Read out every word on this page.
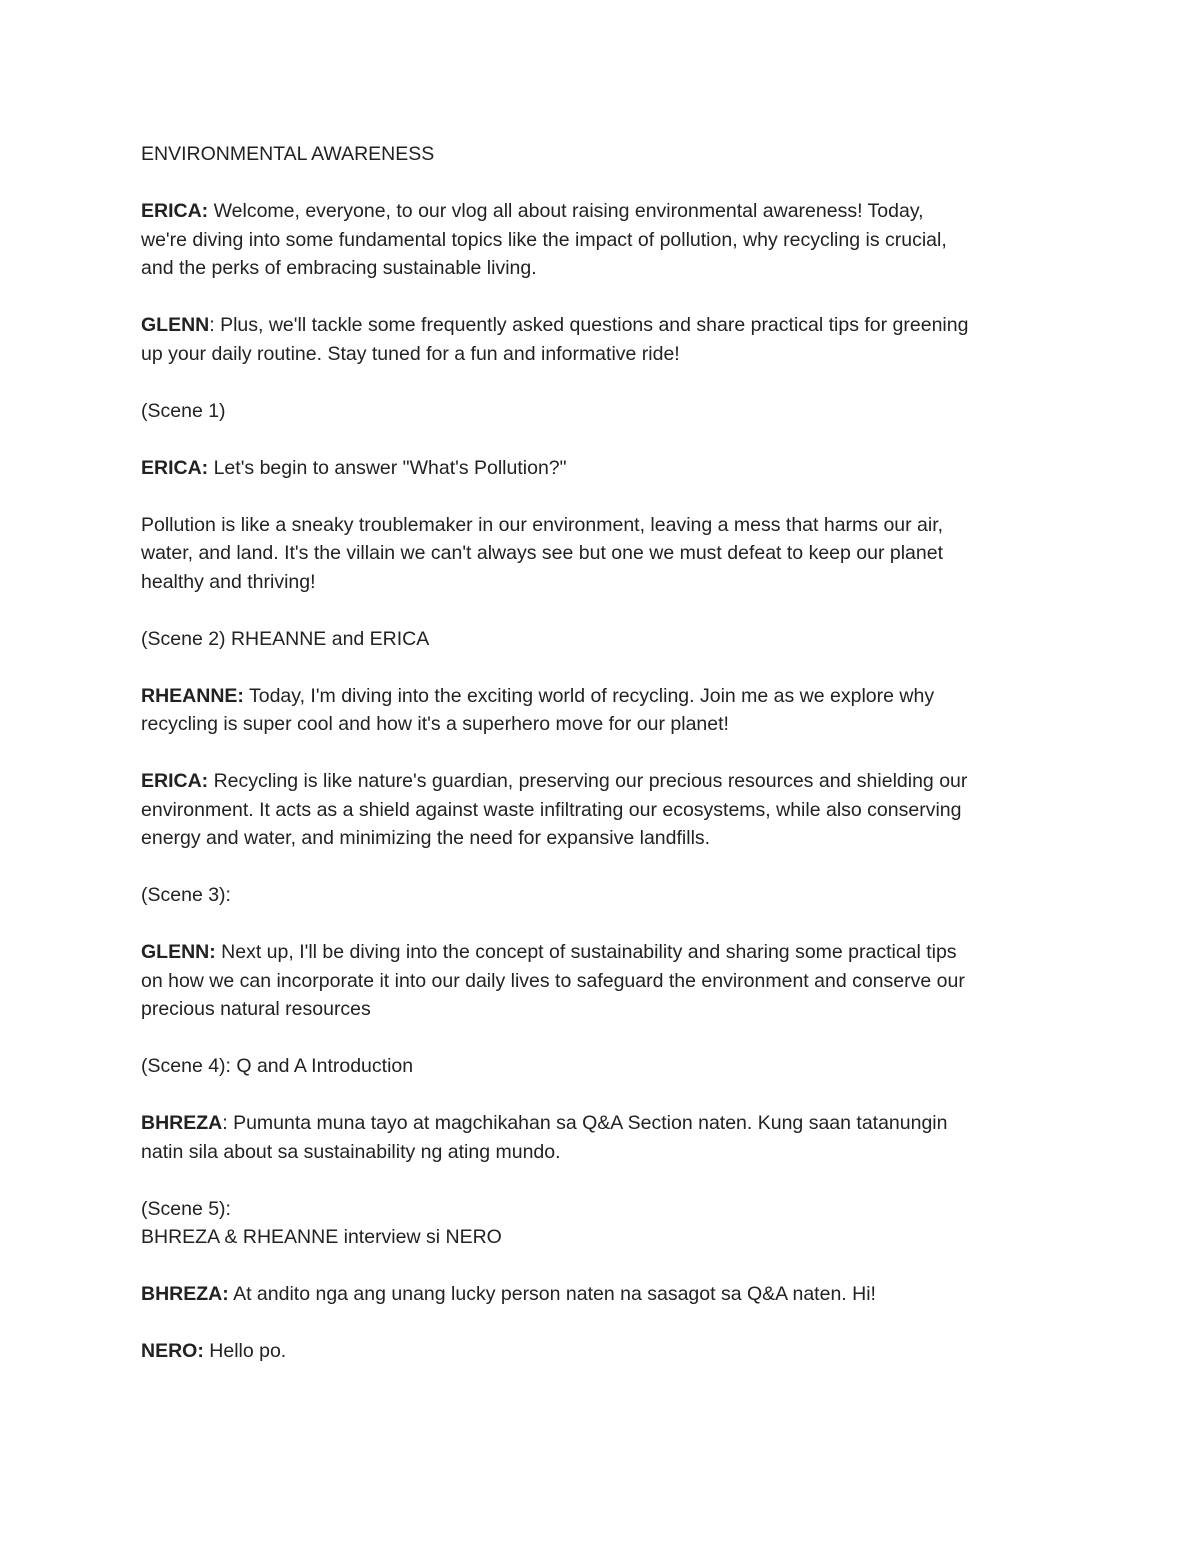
ENVIRONMENTAL AWARENESS

ERICA: Welcome, everyone, to our vlog all about raising environmental awareness! Today,

we're diving into some fundamental topics like the impact of pollution, why recycling is crucial,

and the perks of embracing sustainable living.

GLENN: Plus, we'll tackle some frequently asked questions and share practical tips for greening

up your daily routine. Stay tuned for a fun and informative ride!

(Scene 1)

ERICA: Let's begin to answer "What's Pollution?"

Pollution is like a sneaky troublemaker in our environment, leaving a mess that harms our air,

water, and land. It's the villain we can't always see but one we must defeat to keep our planet

healthy and thriving!

(Scene 2) RHEANNE and ERICA

RHEANNE: Today, I'm diving into the exciting world of recycling. Join me as we explore why

recycling is super cool and how it's a superhero move for our planet!

ERICA: Recycling is like nature's guardian, preserving our precious resources and shielding our

environment. It acts as a shield against waste infiltrating our ecosystems, while also conserving

energy and water, and minimizing the need for expansive landfills.

(Scene 3):

GLENN: Next up, I'll be diving into the concept of sustainability and sharing some practical tips

on how we can incorporate it into our daily lives to safeguard the environment and conserve our

precious natural resources

(Scene 4): Q and A Introduction

BHREZA: Pumunta muna tayo at magchikahan sa Q&A Section naten. Kung saan tatanungin

natin sila about sa sustainability ng ating mundo.

(Scene 5):

BHREZA & RHEANNE interview si NERO

BHREZA: At andito nga ang unang lucky person naten na sasagot sa Q&A naten. Hi!

NERO: Hello po.
